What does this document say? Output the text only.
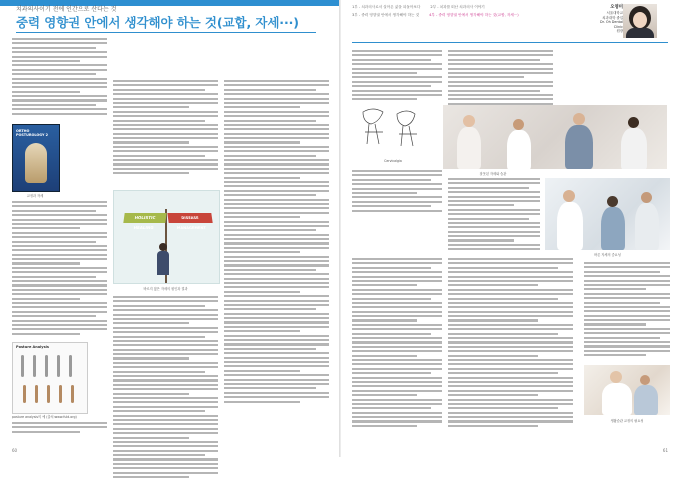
치과의사이기 전에 인간으로 산다는 것
중력 영향권 안에서 생각해야 하는 것(교합, 자세···)
ORTHO
POSTUROLOGY 2
교정과 자세
Posture Analysis
posture analysis의 예 (출처:www.fuld.org)
HOLISTIC HEALING
DISEASE MANAGEMENT
바르지 않은 자세의 원인과 결과
60
1부 - 치과의사로서 살아온 삶을 되돌아보다	2부 - 치과를 떠난 치과의사 이야기
3부 - 중력 영향권 안에서 생각해야 하는 것	4부 - 중력 영향권 안에서 생각해야 하는 것(교합, 자세···)
오영미
서울대학교
치과대학 졸업
Dr. Oh Dental Clinic
원장
Cervicalgia
잘못된 자세와 습관
바른 자세의 중요성
생활습관 교정의 필요성
61
